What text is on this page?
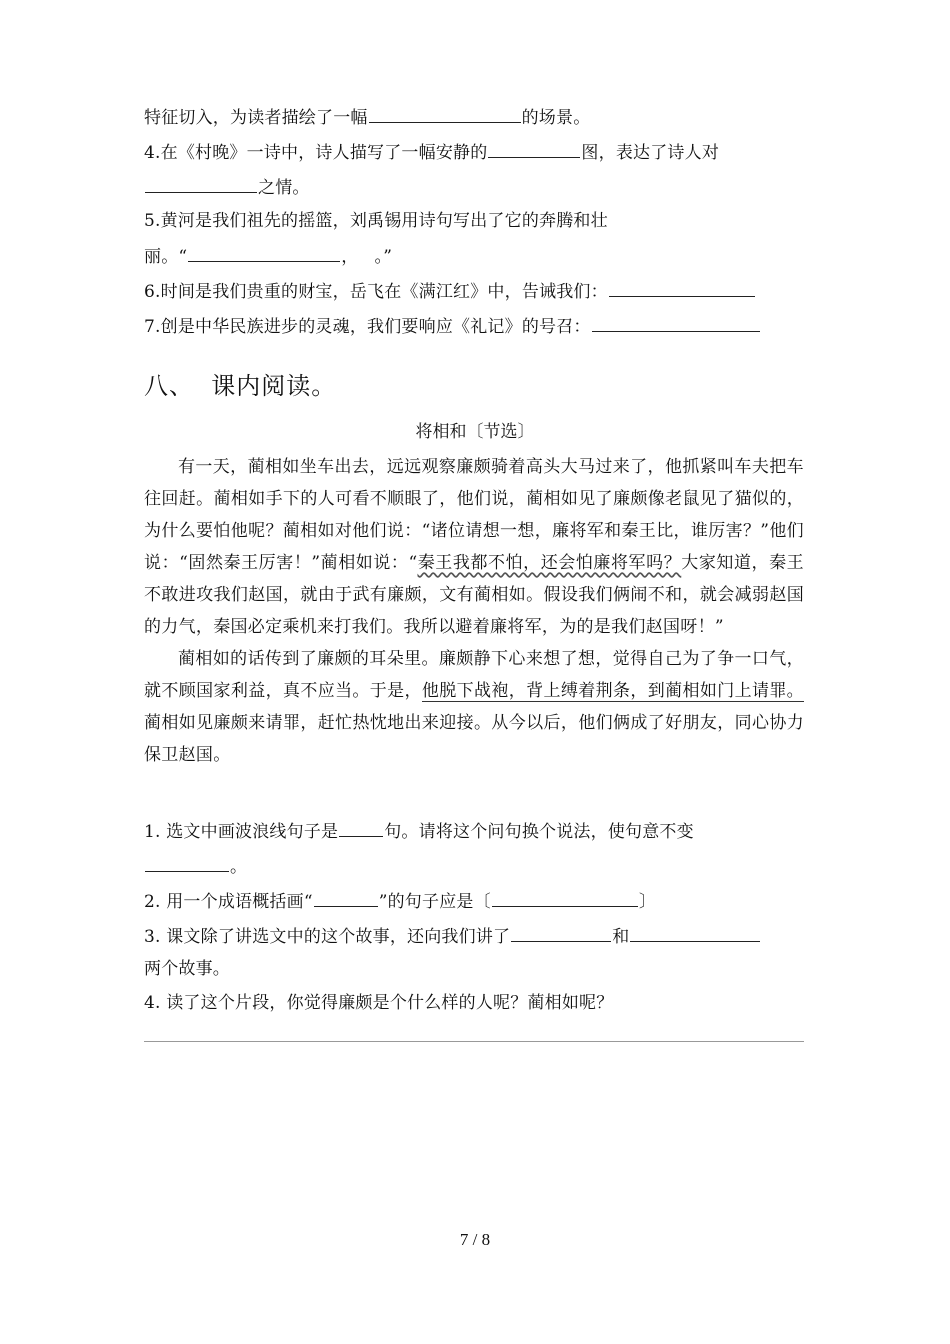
特征切入，为读者描绘了一幅	的场景。
4.在《村晚》一诗中，诗人描写了一幅安静的	图，表达了诗人对
之情。
5.黄河是我们祖先的摇篮，刘禹锡用诗句写出了它的奔腾和壮
丽。“	， 。”
6.时间是我们贵重的财宝，岳飞在《满江红》中，告诫我们：
7.创是中华民族进步的灵魂，我们要响应《礼记》的号召：
八、 课内阅读。
将相和〔节选〕

有一天，蔺相如坐车出去，远远观察廉颇骑着高头大马过来了，他抓紧叫车夫把车往回赶。蔺相如手下的人可看不顺眼了，他们说，蔺相如见了廉颇像老鼠见了猫似的，为什么要怕他呢？蔺相如对他们说：“诸位请想一想，廉将军和秦王比，谁厉害？”他们说：“固然秦王厉害！”蔺相如说：“秦王我都不怕，还会怕廉将军吗？大家知道，秦王不敢进攻我们赵国，就由于武有廉颇，文有蔺相如。假设我们俩闹不和，就会减弱赵国的力气，秦国必定乘机来打我们。我所以避着廉将军，为的是我们赵国呀！”

蔺相如的话传到了廉颇的耳朵里。廉颇静下心来想了想，觉得自己为了争一口气，就不顾国家利益，真不应当。于是，他脱下战袍，背上缚着荆条，到蔺相如门上请罪。蔺相如见廉颇来请罪，赶忙热忱地出来迎接。从今以后，他们俩成了好朋友，同心协力保卫赵国。

1. 选文中画波浪线句子是	句。请将这个问句换个说法，使句意不变
。
2. 用一个成语概括画“	”的句子应是〔	〕
3. 课文除了讲选文中的这个故事，还向我们讲了	和
两个故事。
4. 读了这个片段，你觉得廉颇是个什么样的人呢？蔺相如呢？
7 / 8
